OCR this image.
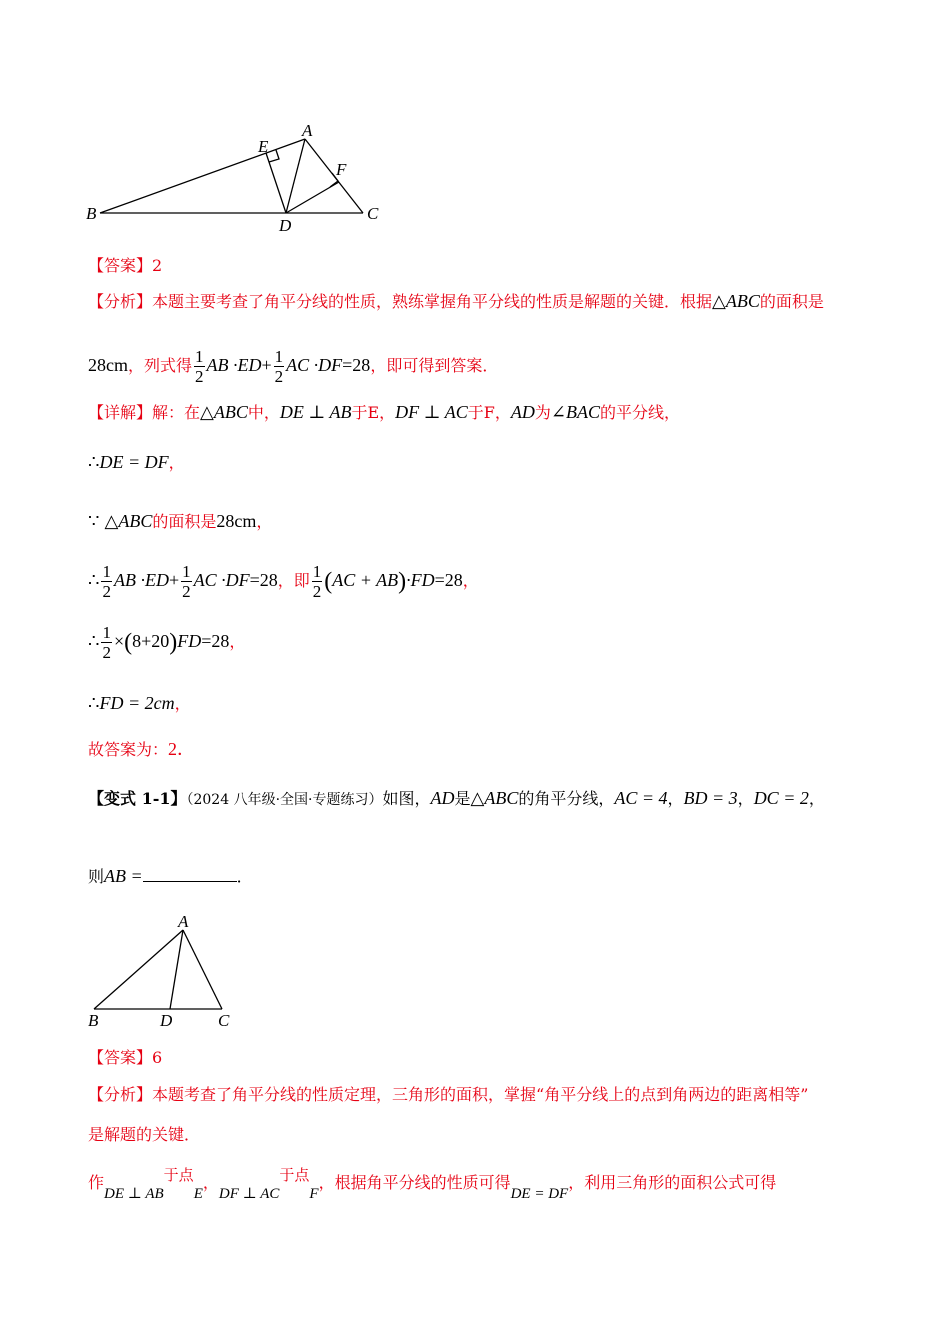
A
B	C
D
E
F
【答案】2
【分析】本题主要考查了角平分线的性质，熟练掌握角平分线的性质是解题的关键．根据△ABC的面积是
28cm，列式得 $\frac{1}{2}$ AB $\cdot ED+ \frac{1}{2}$ AC ·DF=28，即可得到答案．
【详解】解：在△ABC中，DE ⊥ AB于E，DF ⊥ AC于F，AD为∠BAC的平分线，
∴DE = DF，
∵ △ABC的面积是28cm，
∴ $\frac{1}{2}$ AB $\cdot ED+ \frac{1}{2}$ AC ·DF=28，即 $\frac{1}{2} (AC + AB)\cdot FD=28$，
∴ $\frac{1}{2} \times(8+20)FD=28$，
∴FD = 2cm，
故答案为：2．
【变式 1-1】（2024 八年级·全国·专题练习）如图，AD是△ABC的角平分线，AC = 4，BD = 3，DC = 2，
则AB =	．
A
B	C
D
【答案】6
【分析】本题考查了角平分线的性质定理，三角形的面积，掌握“角平分线上的点到角两边的距离相等”
是解题的关键．
作DE ⊥ AB于点E，DF ⊥ AC于点F，根据角平分线的性质可得DE = DF，利用三角形的面积公式可得
